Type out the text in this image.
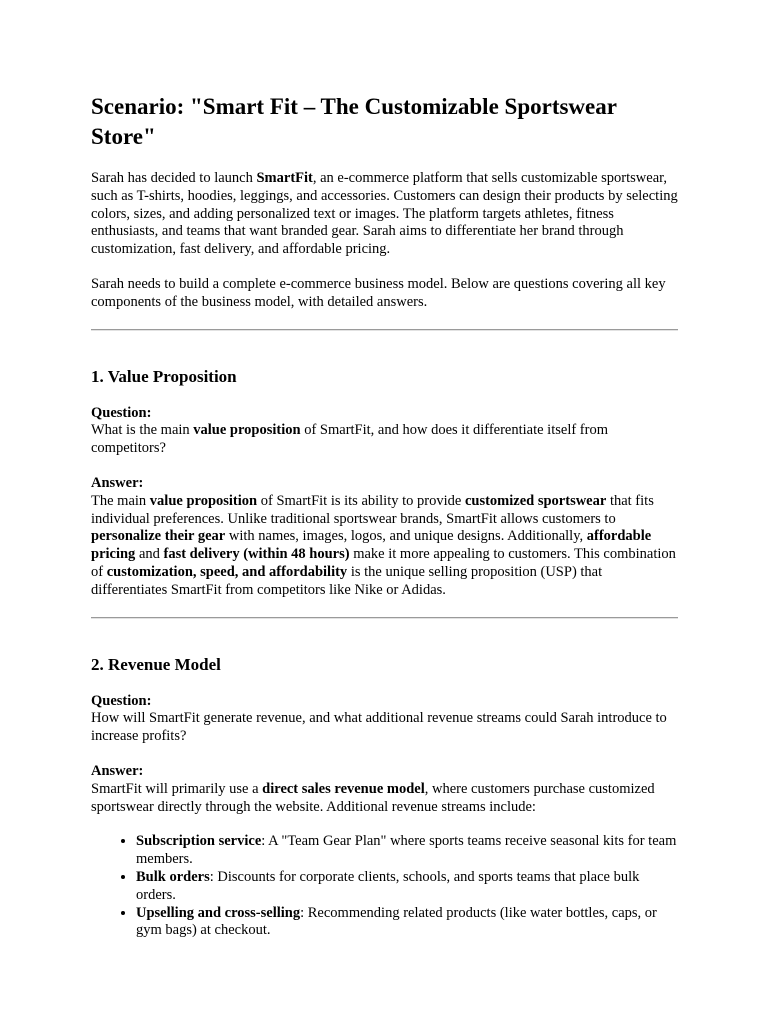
Scenario: "Smart Fit – The Customizable Sportswear Store"

Sarah has decided to launch SmartFit, an e-commerce platform that sells customizable sportswear, such as T-shirts, hoodies, leggings, and accessories. Customers can design their products by selecting colors, sizes, and adding personalized text or images. The platform targets athletes, fitness enthusiasts, and teams that want branded gear. Sarah aims to differentiate her brand through customization, fast delivery, and affordable pricing.

Sarah needs to build a complete e-commerce business model. Below are questions covering all key components of the business model, with detailed answers.

1. Value Proposition

Question:
What is the main value proposition of SmartFit, and how does it differentiate itself from competitors?

Answer:
The main value proposition of SmartFit is its ability to provide customized sportswear that fits individual preferences. Unlike traditional sportswear brands, SmartFit allows customers to personalize their gear with names, images, logos, and unique designs. Additionally, affordable pricing and fast delivery (within 48 hours) make it more appealing to customers. This combination of customization, speed, and affordability is the unique selling proposition (USP) that differentiates SmartFit from competitors like Nike or Adidas.

2. Revenue Model

Question:
How will SmartFit generate revenue, and what additional revenue streams could Sarah introduce to increase profits?

Answer:
SmartFit will primarily use a direct sales revenue model, where customers purchase customized sportswear directly through the website. Additional revenue streams include:

• Subscription service: A "Team Gear Plan" where sports teams receive seasonal kits for team members.
• Bulk orders: Discounts for corporate clients, schools, and sports teams that place bulk orders.
• Upselling and cross-selling: Recommending related products (like water bottles, caps, or gym bags) at checkout.
